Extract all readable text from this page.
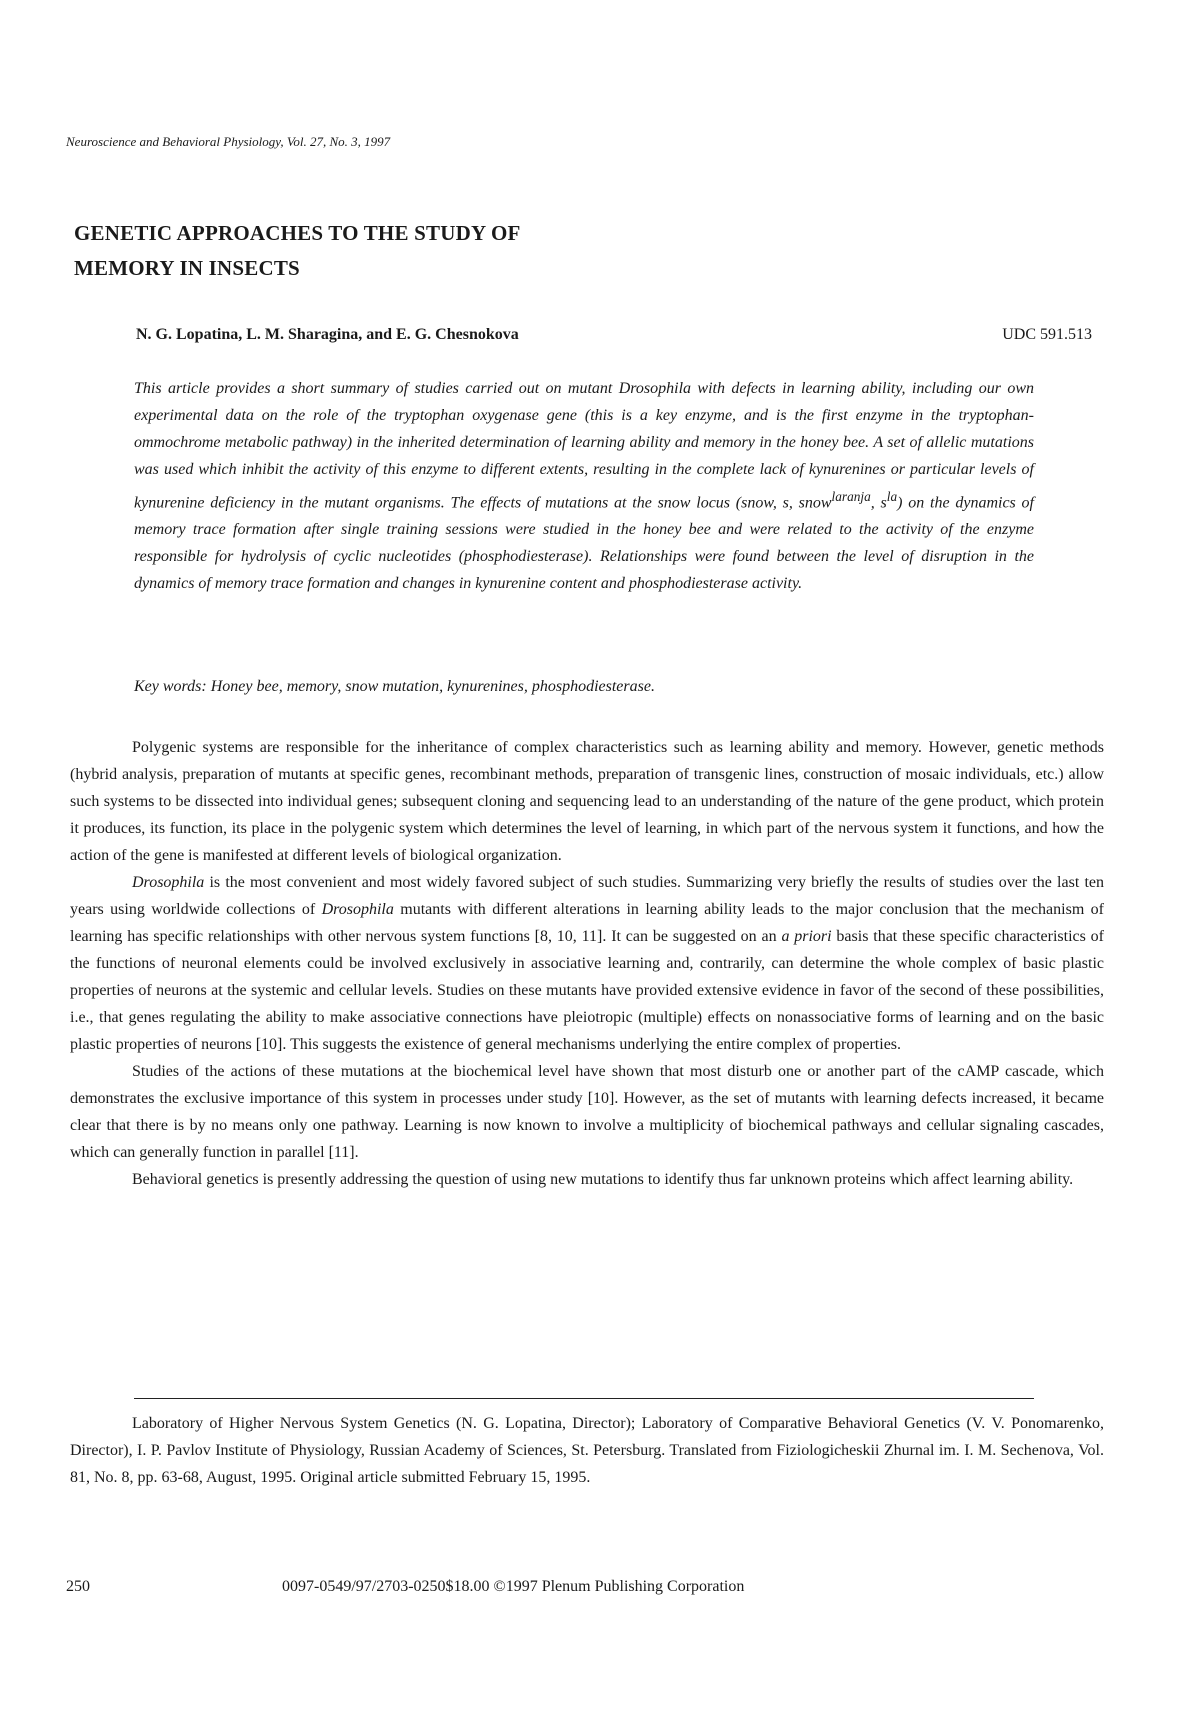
Neuroscience and Behavioral Physiology, Vol. 27, No. 3, 1997
GENETIC APPROACHES TO THE STUDY OF
MEMORY IN INSECTS
N. G. Lopatina, L. M. Sharagina, and E. G. Chesnokova	UDC 591.513

This article provides a short summary of studies carried out on mutant Drosophila with defects in learning ability, including our own experimental data on the role of the tryptophan oxygenase gene (this is a key enzyme, and is the first enzyme in the tryptophan-ommochrome metabolic pathway) in the inherited determination of learning ability and memory in the honey bee. A set of allelic mutations was used which inhibit the activity of this enzyme to different extents, resulting in the complete lack of kynurenines or particular levels of kynurenine deficiency in the mutant organisms. The effects of mutations at the snow locus (snow, s, snow$^{laranja}$, $s^{la}$) on the dynamics of memory trace formation after single training sessions were studied in the honey bee and were related to the activity of the enzyme responsible for hydrolysis of cyclic nucleotides (phosphodiesterase). Relationships were found between the level of disruption in the dynamics of memory trace formation and changes in kynurenine content and phosphodiesterase activity.

Key words: Honey bee, memory, snow mutation, kynurenines, phosphodiesterase.

Polygenic systems are responsible for the inheritance of complex characteristics such as learning ability and memory. However, genetic methods (hybrid analysis, preparation of mutants at specific genes, recombinant methods, preparation of transgenic lines, construction of mosaic individuals, etc.) allow such systems to be dissected into individual genes; subsequent cloning and sequencing lead to an understanding of the nature of the gene product, which protein it produces, its function, its place in the polygenic system which determines the level of learning, in which part of the nervous system it functions, and how the action of the gene is manifested at different levels of biological organization.

Drosophila is the most convenient and most widely favored subject of such studies. Summarizing very briefly the results of studies over the last ten years using worldwide collections of Drosophila mutants with different alterations in learning ability leads to the major conclusion that the mechanism of learning has specific relationships with other nervous system functions [8, 10, 11]. It can be suggested on an a priori basis that these specific characteristics of the functions of neuronal elements could be involved exclusively in associative learning and, contrarily, can determine the whole complex of basic plastic properties of neurons at the systemic and cellular levels. Studies on these mutants have provided extensive evidence in favor of the second of these possibilities, i.e., that genes regulating the ability to make associative connections have pleiotropic (multiple) effects on nonassociative forms of learning and on the basic plastic properties of neurons [10]. This suggests the existence of general mechanisms underlying the entire complex of properties.

Studies of the actions of these mutations at the biochemical level have shown that most disturb one or another part of the cAMP cascade, which demonstrates the exclusive importance of this system in processes under study [10]. However, as the set of mutants with learning defects increased, it became clear that there is by no means only one pathway. Learning is now known to involve a multiplicity of biochemical pathways and cellular signaling cascades, which can generally function in parallel [11].

Behavioral genetics is presently addressing the question of using new mutations to identify thus far unknown proteins which affect learning ability.

Laboratory of Higher Nervous System Genetics (N. G. Lopatina, Director); Laboratory of Comparative Behavioral Genetics (V. V. Ponomarenko, Director), I. P. Pavlov Institute of Physiology, Russian Academy of Sciences, St. Petersburg. Translated from Fiziologicheskii Zhurnal im. I. M. Sechenova, Vol. 81, No. 8, pp. 63-68, August, 1995. Original article submitted February 15, 1995.

250	0097-0549/97/2703-0250$18.00 ©1997 Plenum Publishing Corporation
